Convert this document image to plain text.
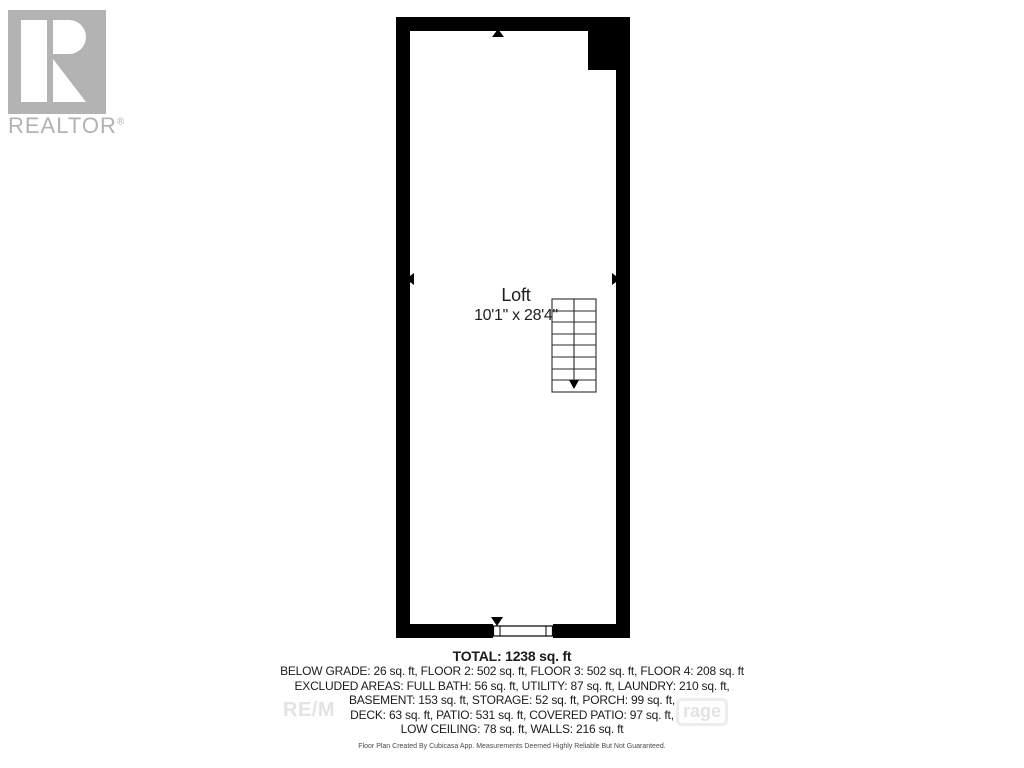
REALTOR®
Loft
10'1" x 28'4"
RE/M	rage
TOTAL: 1238 sq. ft
BELOW GRADE: 26 sq. ft, FLOOR 2: 502 sq. ft, FLOOR 3: 502 sq. ft, FLOOR 4: 208 sq. ft
EXCLUDED AREAS: FULL BATH: 56 sq. ft, UTILITY: 87 sq. ft, LAUNDRY: 210 sq. ft,
BASEMENT: 153 sq. ft, STORAGE: 52 sq. ft, PORCH: 99 sq. ft,
DECK: 63 sq. ft, PATIO: 531 sq. ft, COVERED PATIO: 97 sq. ft,
LOW CEILING: 78 sq. ft, WALLS: 216 sq. ft
Floor Plan Created By Cubicasa App. Measurements Deemed Highly Reliable But Not Guaranteed.
